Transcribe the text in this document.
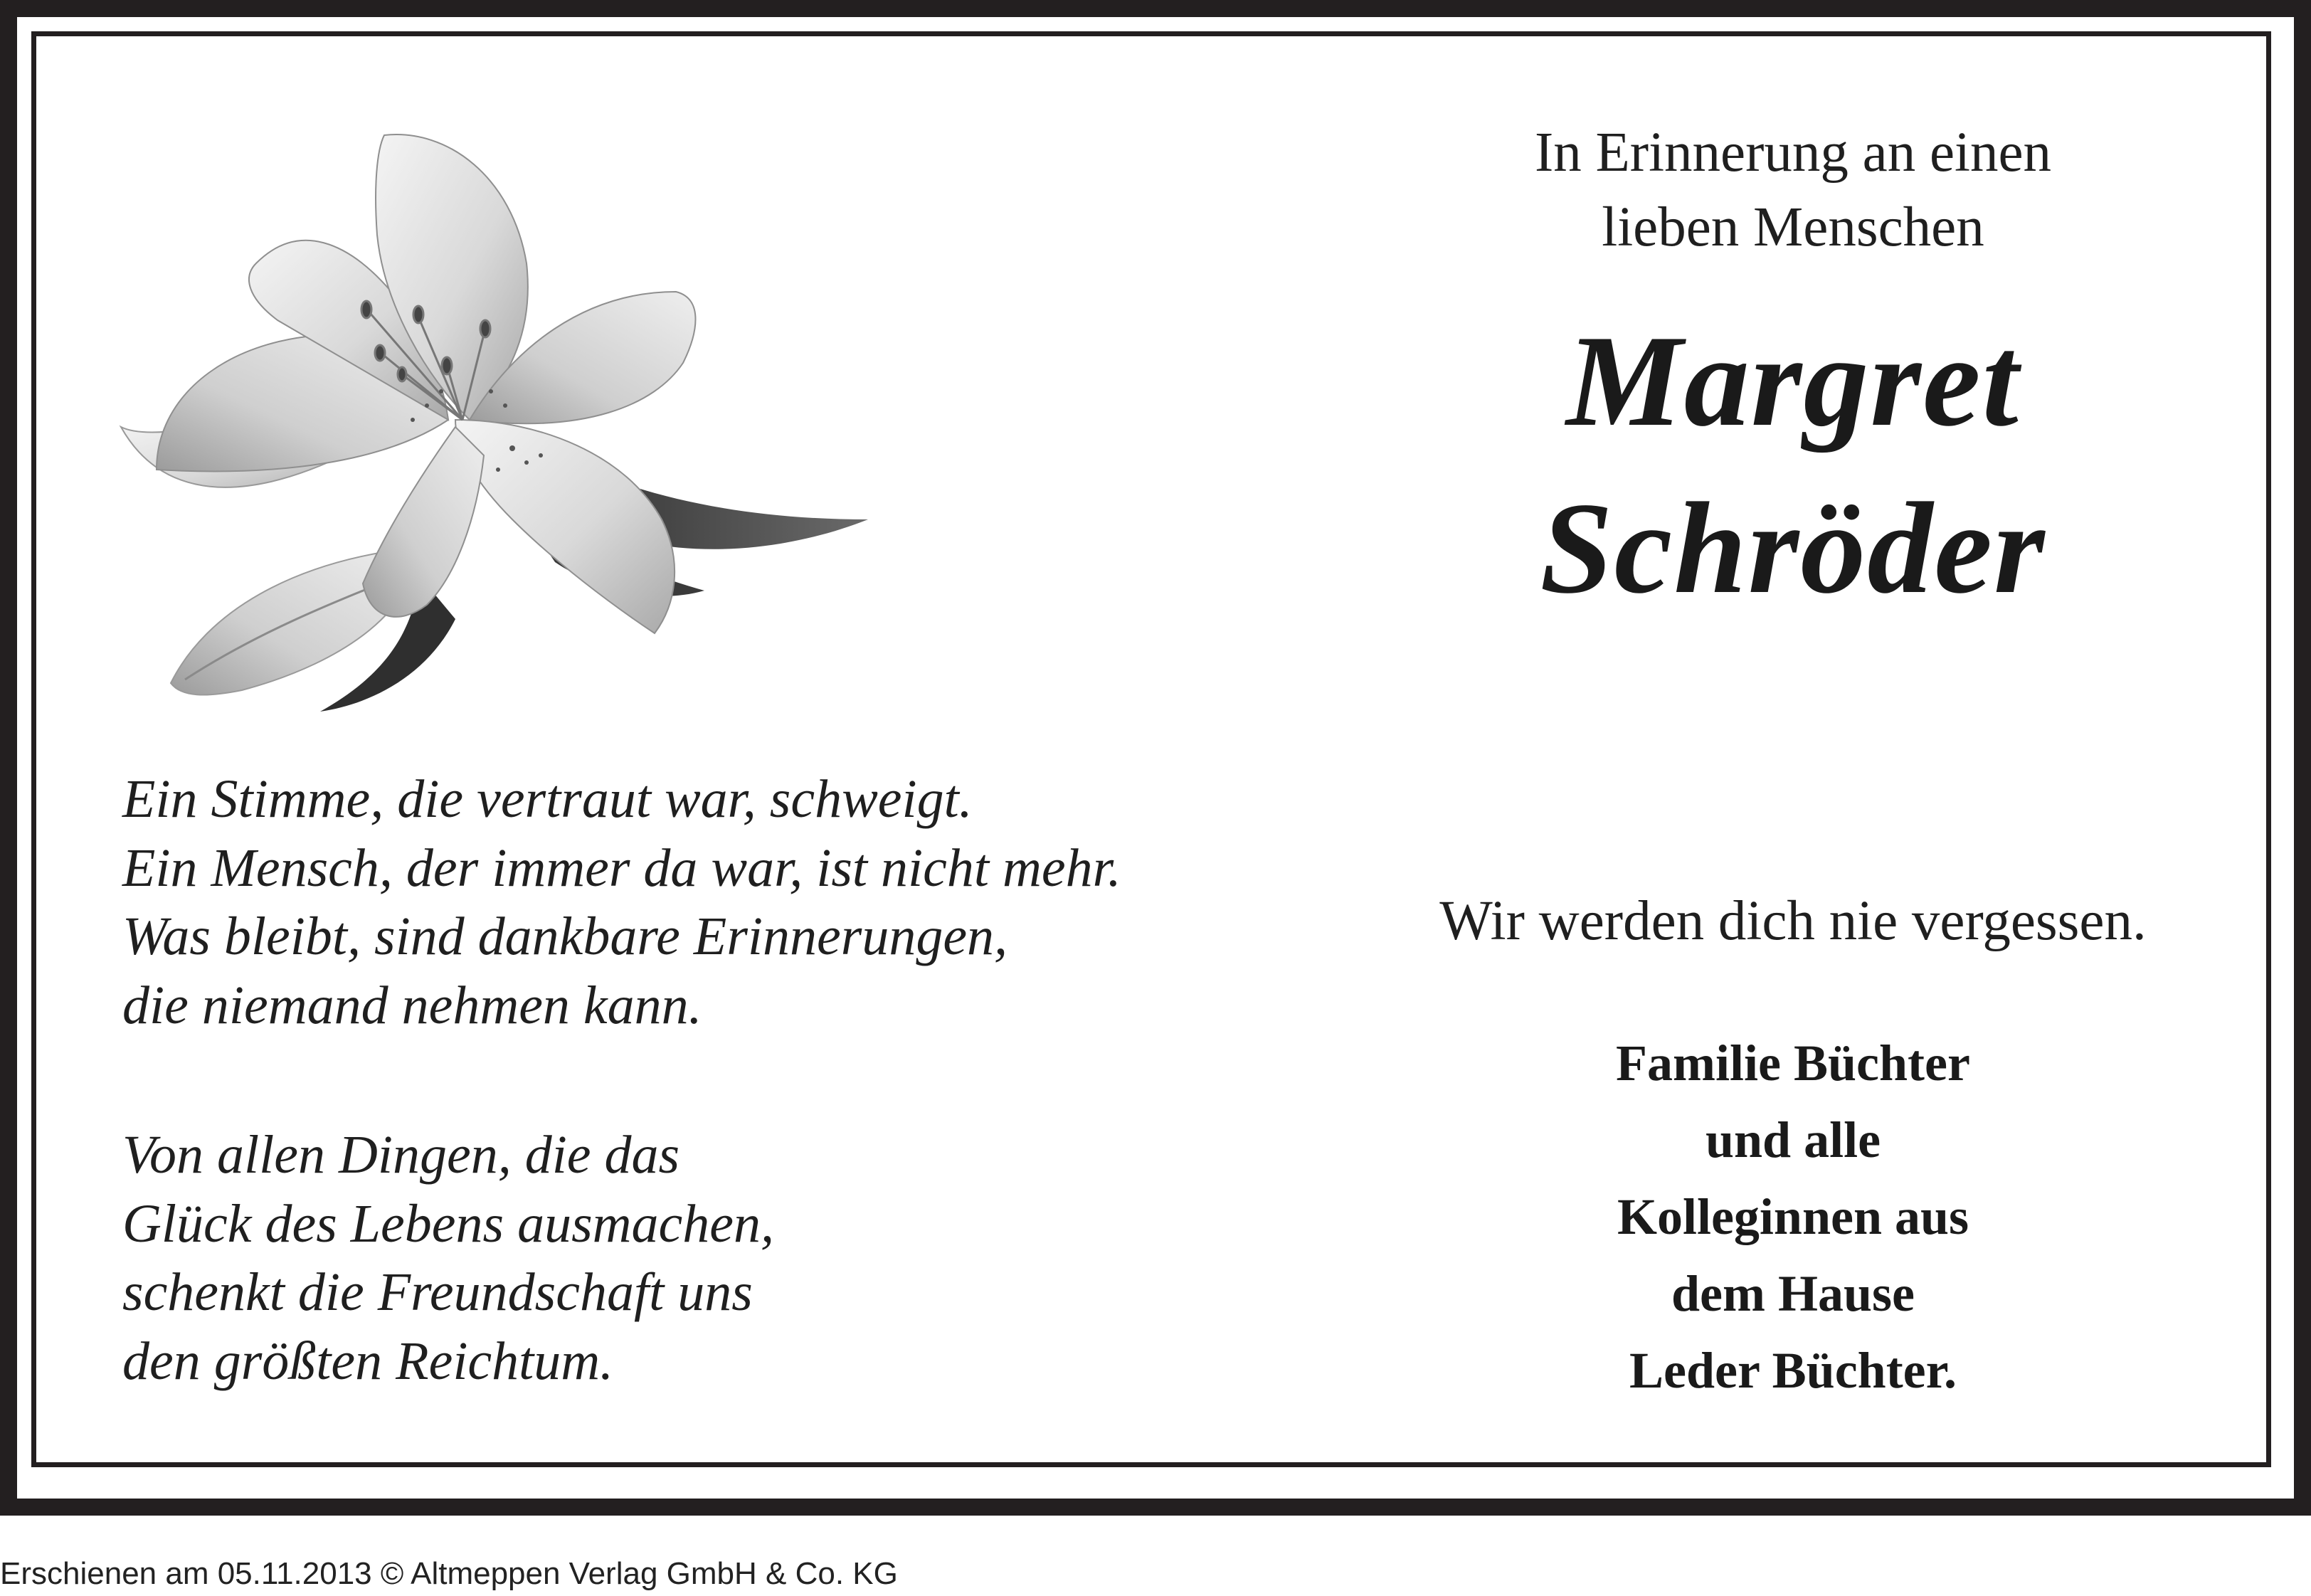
In Erinnerung an einen
lieben Menschen
Margret
Schröder
Ein Stimme, die vertraut war, schweigt.
Ein Mensch, der immer da war, ist nicht mehr.
Was bleibt, sind dankbare Erinnerungen,
die niemand nehmen kann.
Von allen Dingen, die das
Glück des Lebens ausmachen,
schenkt die Freundschaft uns
den größten Reichtum.
Wir werden dich nie vergessen.
Familie Büchter
und alle
Kolleginnen aus
dem Hause
Leder Büchter.
Erschienen am 05.11.2013 © Altmeppen Verlag GmbH & Co. KG
